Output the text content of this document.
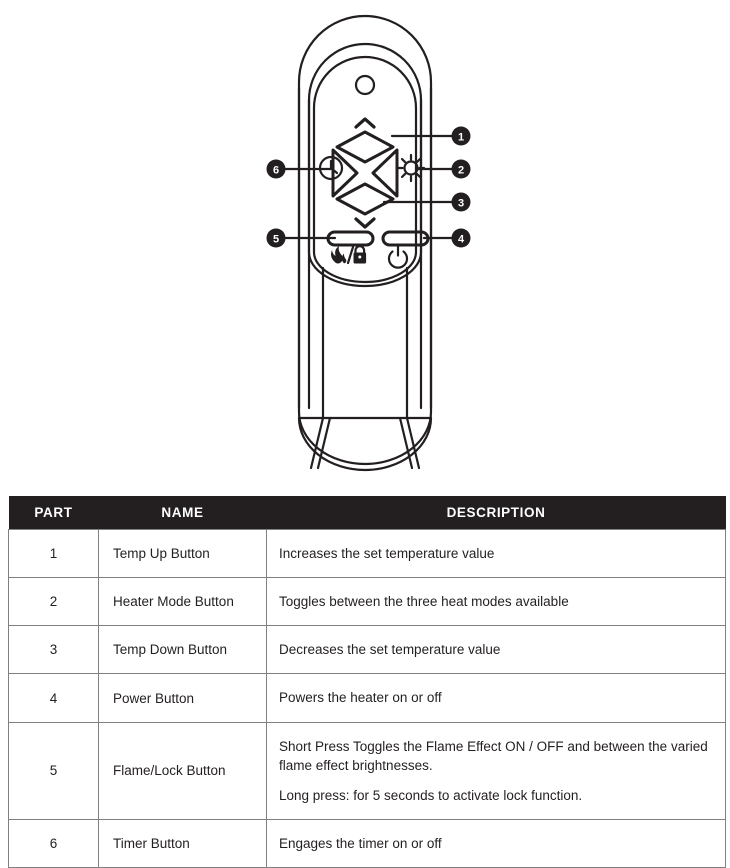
1
2
3
4
5
6
PART	NAME	DESCRIPTION
1	Temp Up Button	Increases the set temperature value

2	Heater Mode Button	Toggles between the three heat modes available

3	Temp Down Button	Decreases the set temperature value

4	Power Button	Powers the heater on or off

5	Flame/Lock Button	Short Press Toggles the Flame Effect ON / OFF and between the varied flame effect brightnesses.
Long press: for 5 seconds to activate lock function.

6	Timer Button	Engages the timer on or off
